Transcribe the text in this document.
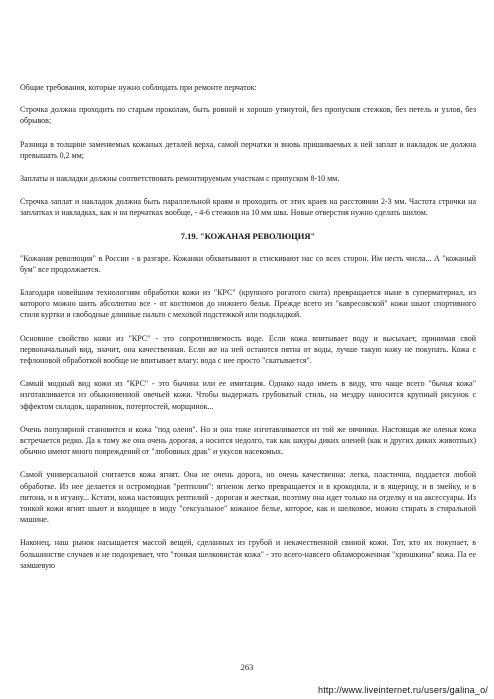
Общие требования, которые нужно соблюдать при ремонте перчаток:

Строчка должна проходить по старым проколам, быть ровной и хорошо утянутой, без пропусков стежков, без петель и узлов, без обрывов;

Разница в толщине заменяемых кожаных деталей верха, самой перчатки и вновь пришиваемых к ней заплат и накладок не должна превышать 0,2 мм;

Заплаты и накладки должны соответствовать ремонтируемым участкам с припуском 8-10 мм.

Строчка заплат и накладок должна быть параллельной краям и проходить от этих краев на расстоянии 2-3 мм. Частота строчки на заплатках и накладках, как и на перчатках вообще, - 4-6 стежков на 10 мм шва. Новые отверстия нужно сделать шилом.

7.19. "КОЖАНАЯ РЕВОЛЮЦИЯ"

"Кожаная революция" в России - в разгаре. Кожанки обхватывают и стискивают нас со всех сторон. Им несть числа... А "кожаный бум" все продолжается.

Благодаря новейшим технологиям обработки кожи из "КРС" (крупного рогатого скота) превращается ныне в суперматериал, из которого можно шить абсолютно все - от костюмов до нижнего белья. Прежде всего из "кавресовской" кожи шьют спортивного стиля куртки и свободные длинные пальто с меховой подстежкой или подкладкой.

Основное свойство кожи из "КРС" - это сопротивляемость воде. Если кожа впитывает воду и высыхает, принимая свой первоначальный вид, значит, она качественная. Если же на ней остаются пятна от воды, лучше такую кожу не покупать. Кожа с тефлоновой обработкой вообще не впитывает влагу: вода с нее просто "скатывается".

Самый модный вид кожи из "КРС" - это бычина или ее имитация. Однако надо иметь в виду, что чаще всего "бычья кожа" изготавливается из обыкновенной овечьей кожи. Чтобы выдержать грубоватый стиль, на мездру наносится крупный рисунок с эффектом складок, царапинок, потертостей, морщинок...

Очень популярной становится и кожа "под оленя". Но и она тоже изготавливается из той же овчинки. Настоящая же оленья кожа встречается редко. Да к тому же она очень дорогая, а носится недолго, так как шкуры диких оленей (как и других диких животных) обычно имеют много повреждений от "любовных драк" и укусов насекомых.

Самой универсальной считается кожа ягнят. Она не очень дорога, но очень качественна: легка, пластична, поддается любой обработке. Из нее делается и остромодная "рептилия": ягненок легко превращается и в крокодила, и в ящерицу, и в змейку, и в питона, и в игуану... Кстати, кожа настоящих рептилий - дорогая и жесткая, поэтому она идет только на отделку и на аксессуары. Из тонкой кожи ягнят шьют и входящее в моду "сексуальное" кожаное белье, которое, как и шелковое, можно стирать в стиральной машине.

Наконец, наш рынок насыщается массой вещей, сделанных из грубой и некачественной свиной кожи. Тот, кто их покупает, в большинстве случаев и не подозревает, что "тонкая шелковистая кожа" - это всего-навсего обламороженная "хрюшкина" кожа. Па ее замшевую

263
http://www.liveinternet.ru/users/galina_o/
